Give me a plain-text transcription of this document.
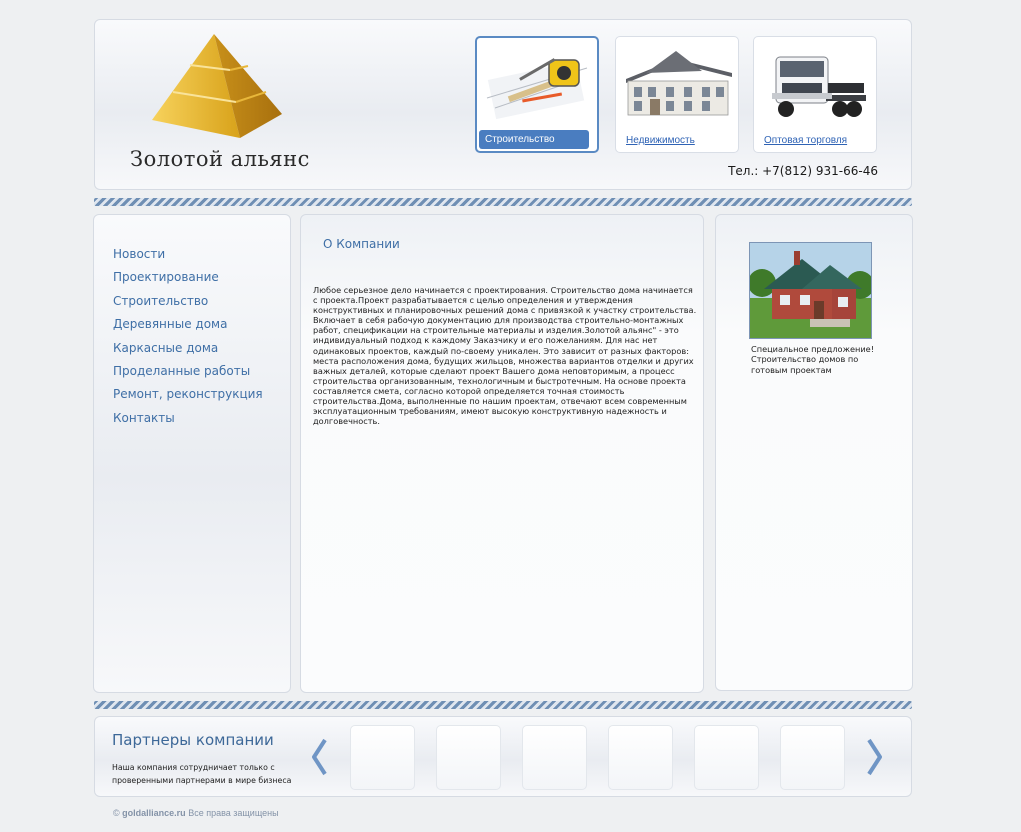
Золотой альянс
Строительство	Недвижимость	Оптовая торговля
Тел.: +7(812) 931-66-46
Новости
Проектирование
Строительство
Деревянные дома
Каркасные дома
Проделанные работы
Ремонт, реконструкция
Контакты
О Компании
Любое серьезное дело начинается с проектирования. Строительство дома начинается с проекта.Проект разрабатывается с целью определения и утверждения конструктивных и планировочных решений дома с привязкой к участку строительства. Включает в себя рабочую документацию для производства строительно-монтажных работ, спецификации на строительные материалы и изделия.Золотой альянс" - это индивидуальный подход к каждому Заказчику и его пожеланиям. Для нас нет одинаковых проектов, каждый по-своему уникален. Это зависит от разных факторов: места расположения дома, будущих жильцов, множества вариантов отделки и других важных деталей, которые сделают проект Вашего дома неповторимым, а процесс строительства организованным, технологичным и быстротечным. На основе проекта составляется смета, согласно которой определяется точная стоимость строительства.Дома, выполненные по нашим проектам, отвечают всем современным эксплуатационным требованиям, имеют высокую конструктивную надежность и долговечность.
Специальное предложение! Строительство домов по готовым проектам
Партнеры компании
Наша компания сотрудничает только с проверенными партнерами в мире бизнеса
© goldalliance.ru Все права защищены
